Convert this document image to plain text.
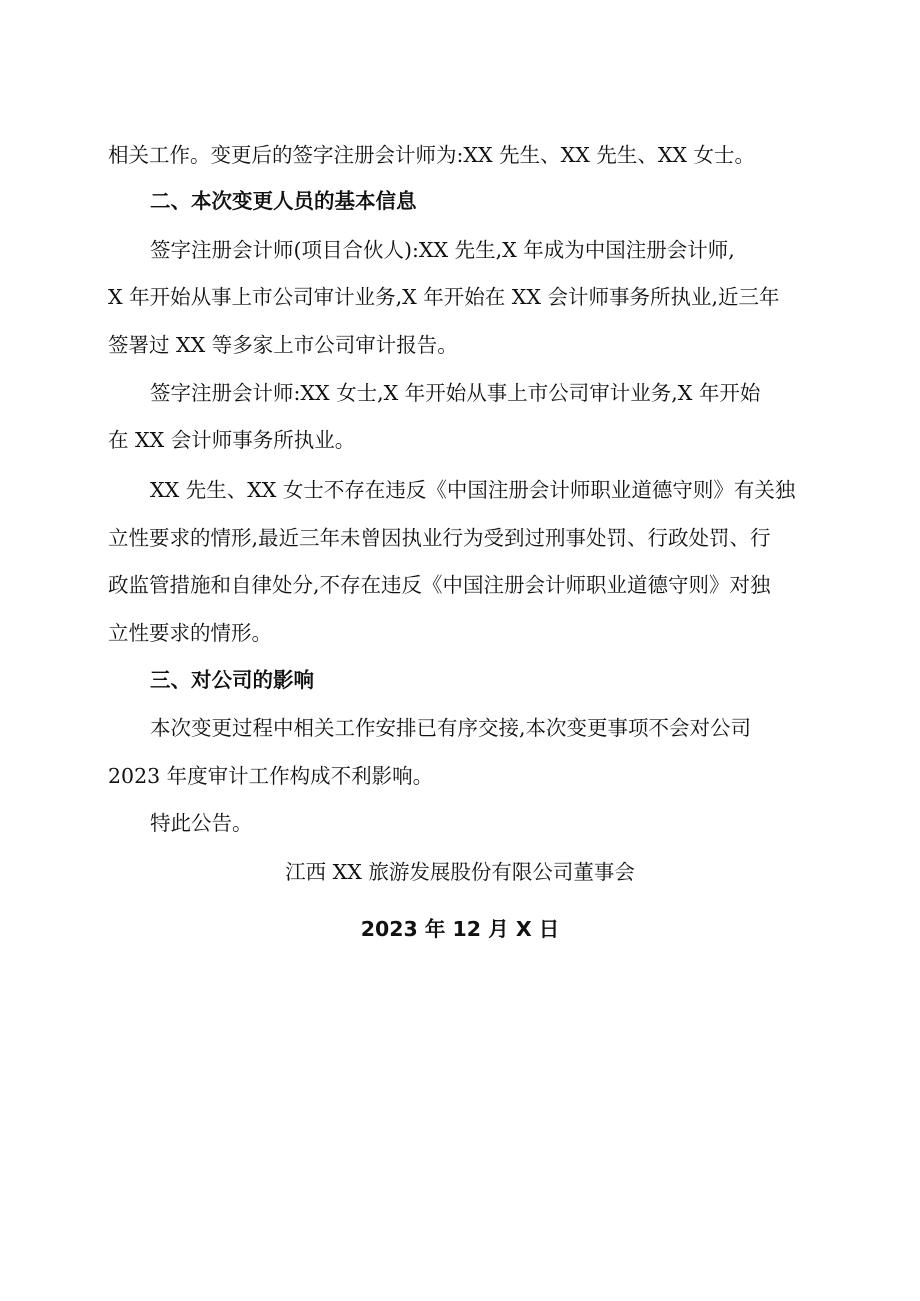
相关工作。变更后的签字注册会计师为:XX 先生、XX 先生、XX 女士。
二、本次变更人员的基本信息
签字注册会计师(项目合伙人):XX 先生,X 年成为中国注册会计师,
X 年开始从事上市公司审计业务,X 年开始在 XX 会计师事务所执业,近三年
签署过 XX 等多家上市公司审计报告。
签字注册会计师:XX 女士,X 年开始从事上市公司审计业务,X 年开始
在 XX 会计师事务所执业。
XX 先生、XX 女士不存在违反《中国注册会计师职业道德守则》有关独
立性要求的情形,最近三年未曾因执业行为受到过刑事处罚、行政处罚、行
政监管措施和自律处分,不存在违反《中国注册会计师职业道德守则》对独
立性要求的情形。
三、对公司的影响
本次变更过程中相关工作安排已有序交接,本次变更事项不会对公司
2023 年度审计工作构成不利影响。
特此公告。
江西 XX 旅游发展股份有限公司董事会
2023 年 12 月 X 日
